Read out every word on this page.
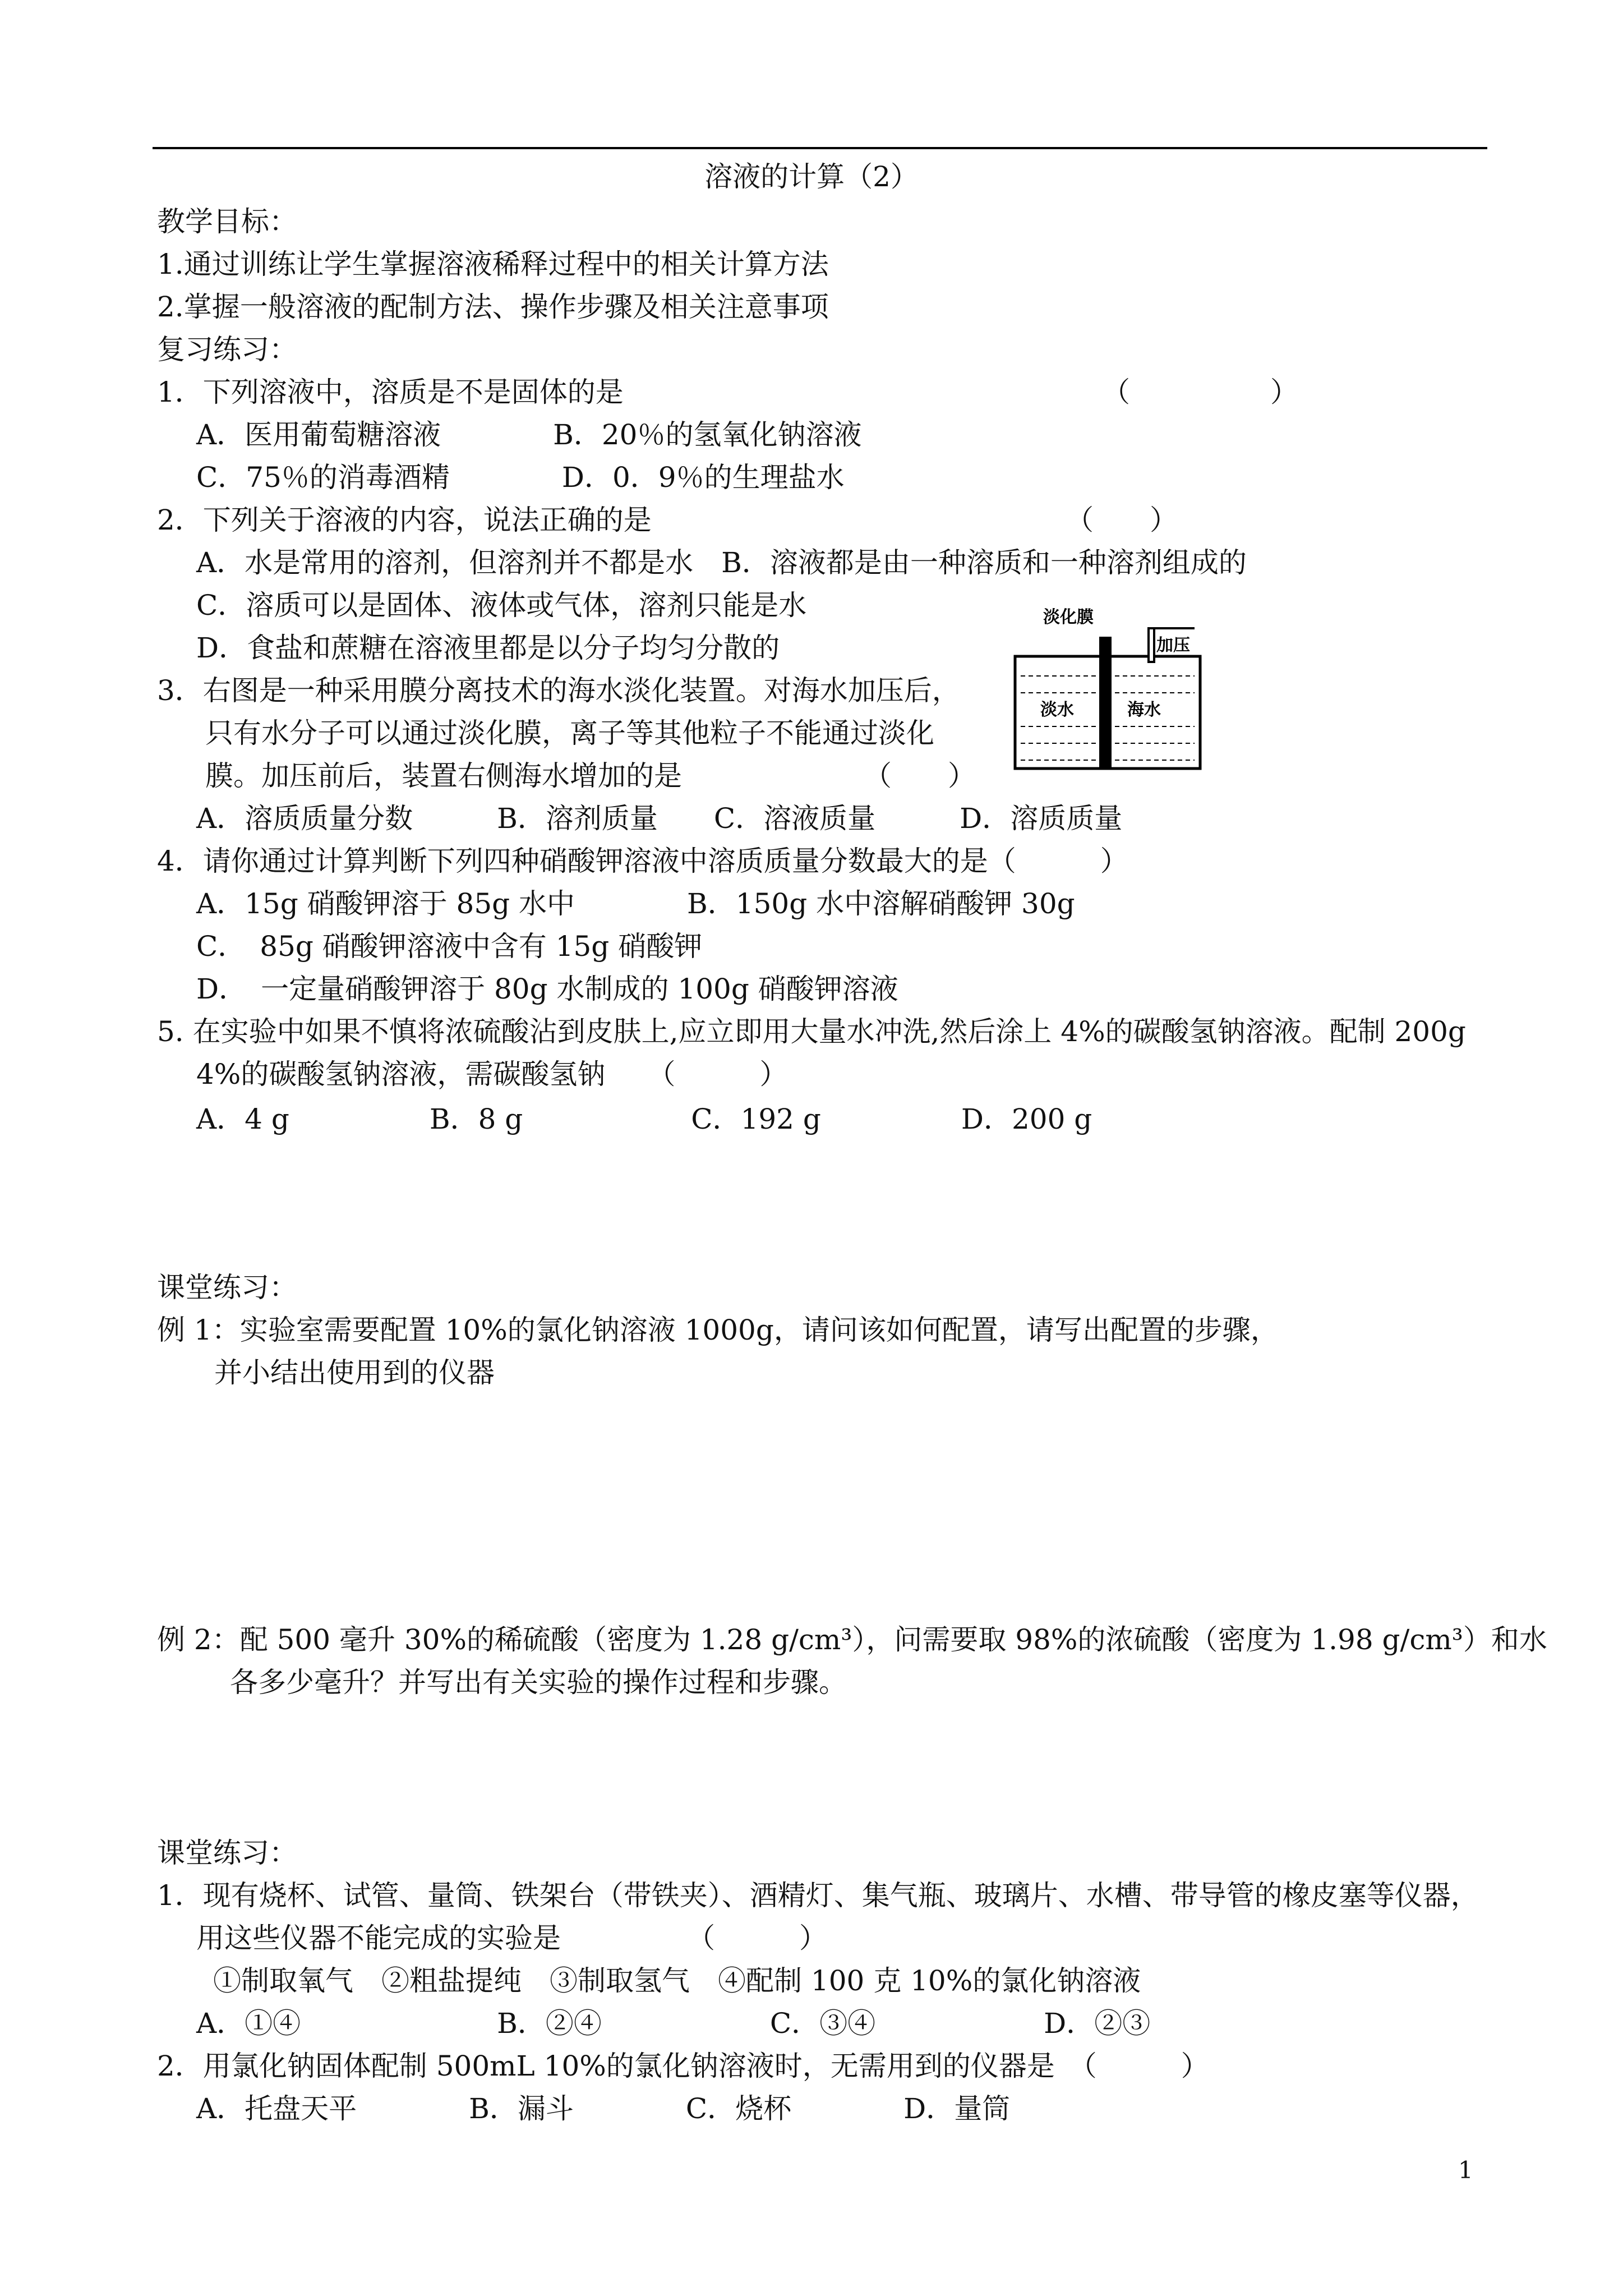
溶液的计算（2）
教学目标：
1.通过训练让学生掌握溶液稀释过程中的相关计算方法
2.掌握一般溶液的配制方法、操作步骤及相关注意事项
复习练习：
1．下列溶液中，溶质是不是固体的是	（　　　　　）
A．医用葡萄糖溶液　　　　B．20％的氢氧化钠溶液
C．75％的消毒酒精　　　　D．0．9％的生理盐水
2．下列关于溶液的内容，说法正确的是	（　　）
A．水是常用的溶剂，但溶剂并不都是水　B．溶液都是由一种溶质和一种溶剂组成的
C．溶质可以是固体、液体或气体，溶剂只能是水
D．食盐和蔗糖在溶液里都是以分子均匀分散的
淡化膜
加压
淡水	海水
3．右图是一种采用膜分离技术的海水淡化装置。对海水加压后，
只有水分子可以通过淡化膜，离子等其他粒子不能通过淡化
膜。加压前后，装置右侧海水增加的是	（　　）
A．溶质质量分数　　　B．溶剂质量　　C．溶液质量　　　D．溶质质量
4．请你通过计算判断下列四种硝酸钾溶液中溶质质量分数最大的是（　　　）
A．15g 硝酸钾溶于 85g 水中　　　　B．150g 水中溶解硝酸钾 30g
C．　85g 硝酸钾溶液中含有 15g 硝酸钾
D．　一定量硝酸钾溶于 80g 水制成的 100g 硝酸钾溶液
5. 在实验中如果不慎将浓硫酸沾到皮肤上,应立即用大量水冲洗,然后涂上 4%的碳酸氢钠溶液。配制 200g
4%的碳酸氢钠溶液，需碳酸氢钠　　（　　　）
A．4 g　　　　　B．8 g　　　　　　C．192 g　　　　　D．200 g
课堂练习：
例 1：实验室需要配置 10%的氯化钠溶液 1000g，请问该如何配置，请写出配置的步骤，
并小结出使用到的仪器
例 2：配 500 毫升 30%的稀硫酸（密度为 1.28 g/cm³），问需要取 98%的浓硫酸（密度为 1.98 g/cm³）和水
各多少毫升？并写出有关实验的操作过程和步骤。
课堂练习：
1．现有烧杯、试管、量筒、铁架台（带铁夹）、酒精灯、集气瓶、玻璃片、水槽、带导管的橡皮塞等仪器，
用这些仪器不能完成的实验是　　　　　（　　　）
①制取氧气　②粗盐提纯　③制取氢气　④配制 100 克 10%的氯化钠溶液
A．①④　　　　　　　B．②④　　　　　　C．③④　　　　　　D．②③
2．用氯化钠固体配制 500mL 10%的氯化钠溶液时，无需用到的仪器是　（　　　）
A．托盘天平　　　　B．漏斗　　　　C．烧杯　　　　D．量筒
1
